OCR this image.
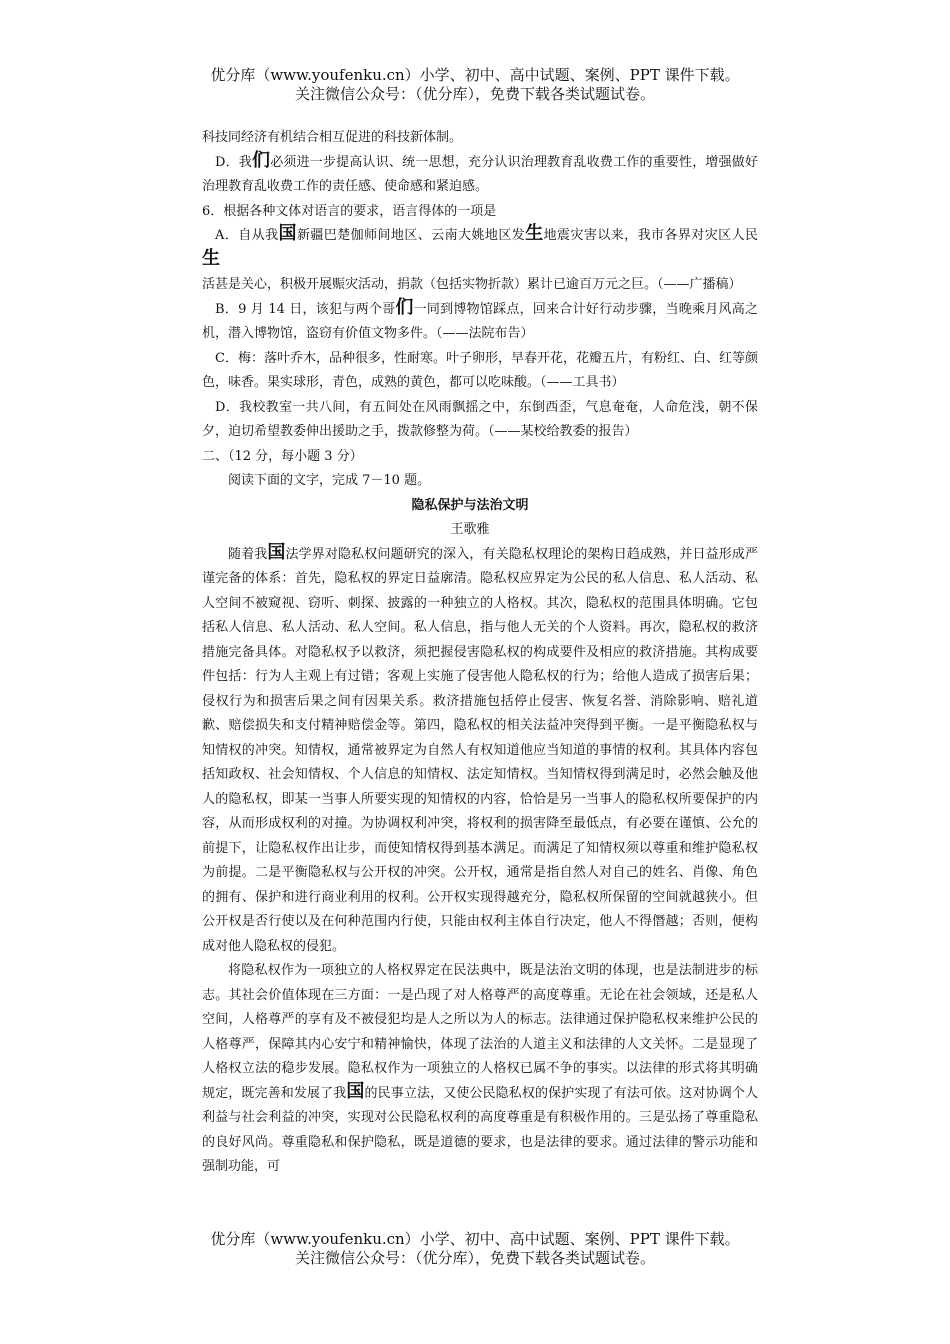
优分库（www.youfenku.cn）小学、初中、高中试题、案例、PPT 课件下载。
关注微信公众号：（优分库），免费下载各类试题试卷。

科技同经济有机结合相互促进的科技新体制。

D．我们必须进一步提高认识、统一思想，充分认识治理教育乱收费工作的重要性，增强做好治理教育乱收费工作的责任感、使命感和紧迫感。

6．根据各种文体对语言的要求，语言得体的一项是

A．自从我国新疆巴楚伽师间地区、云南大姚地区发生地震灾害以来，我市各界对灾区人民生活甚是关心，积极开展赈灾活动，捐款（包括实物折款）累计已逾百万元之巨。（——广播稿）

B．9 月 14 日，该犯与两个哥们一同到博物馆踩点，回来合计好行动步骤，当晚乘月风高之机，潜入博物馆，盗窃有价值文物多件。（——法院布告）

C．梅：落叶乔木，品种很多，性耐寒。叶子卵形，早春开花，花瓣五片，有粉红、白、红等颜色，味香。果实球形，青色，成熟的黄色，都可以吃味酸。（——工具书）

D．我校教室一共八间，有五间处在风雨飘摇之中，东倒西歪，气息奄奄，人命危浅，朝不保夕，迫切希望教委伸出援助之手，拨款修整为荷。（——某校给教委的报告）

二、（12 分，每小题 3 分）

阅读下面的文字，完成 7－10 题。

隐私保护与法治文明

王歌雅

随着我国法学界对隐私权问题研究的深入，有关隐私权理论的架构日趋成熟，并日益形成严谨完备的体系：首先，隐私权的界定日益廓清。隐私权应界定为公民的私人信息、私人活动、私人空间不被窥视、窃听、刺探、披露的一种独立的人格权。其次，隐私权的范围具体明确。它包括私人信息、私人活动、私人空间。私人信息，指与他人无关的个人资料。再次，隐私权的救济措施完备具体。对隐私权予以救济，须把握侵害隐私权的构成要件及相应的救济措施。其构成要件包括：行为人主观上有过错；客观上实施了侵害他人隐私权的行为；给他人造成了损害后果；侵权行为和损害后果之间有因果关系。救济措施包括停止侵害、恢复名誉、消除影响、赔礼道歉、赔偿损失和支付精神赔偿金等。第四，隐私权的相关法益冲突得到平衡。一是平衡隐私权与知情权的冲突。知情权，通常被界定为自然人有权知道他应当知道的事情的权利。其具体内容包括知政权、社会知情权、个人信息的知情权、法定知情权。当知情权得到满足时，必然会触及他人的隐私权，即某一当事人所要实现的知情权的内容，恰恰是另一当事人的隐私权所要保护的内容，从而形成权利的对撞。为协调权利冲突，将权利的损害降至最低点，有必要在谨慎、公允的前提下，让隐私权作出让步，而使知情权得到基本满足。而满足了知情权须以尊重和维护隐私权为前提。二是平衡隐私权与公开权的冲突。公开权，通常是指自然人对自己的姓名、肖像、角色的拥有、保护和进行商业利用的权利。公开权实现得越充分，隐私权所保留的空间就越狭小。但公开权是否行使以及在何种范围内行使，只能由权利主体自行决定，他人不得僭越；否则，便构成对他人隐私权的侵犯。

将隐私权作为一项独立的人格权界定在民法典中，既是法治文明的体现，也是法制进步的标志。其社会价值体现在三方面：一是凸现了对人格尊严的高度尊重。无论在社会领域，还是私人空间，人格尊严的享有及不被侵犯均是人之所以为人的标志。法律通过保护隐私权来维护公民的人格尊严，保障其内心安宁和精神愉快，体现了法治的人道主义和法律的人文关怀。二是显现了人格权立法的稳步发展。隐私权作为一项独立的人格权已属不争的事实。以法律的形式将其明确规定，既完善和发展了我国的民事立法，又使公民隐私权的保护实现了有法可依。这对协调个人利益与社会利益的冲突，实现对公民隐私权利的高度尊重是有积极作用的。三是弘扬了尊重隐私的良好风尚。尊重隐私和保护隐私，既是道德的要求，也是法律的要求。通过法律的警示功能和强制功能，可

优分库（www.youfenku.cn）小学、初中、高中试题、案例、PPT 课件下载。
关注微信公众号：（优分库），免费下载各类试题试卷。
